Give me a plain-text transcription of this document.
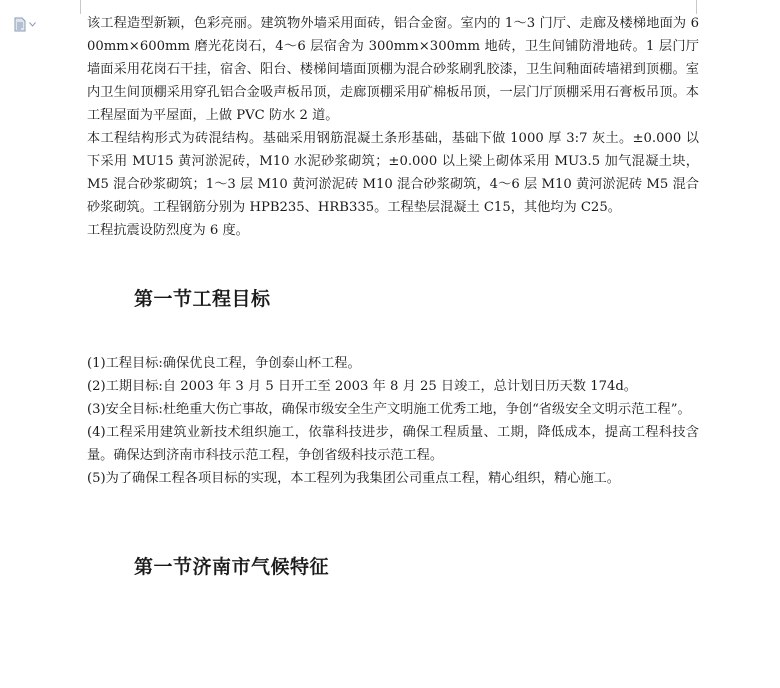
该工程造型新颖，色彩亮丽。建筑物外墙采用面砖，铝合金窗。室内的 1～3 门厅、走廊及楼梯地面为 600mm×600mm 磨光花岗石，4～6 层宿舍为 300mm×300mm 地砖，卫生间铺防滑地砖。1 层门厅墙面采用花岗石干挂，宿舍、阳台、楼梯间墙面顶棚为混合砂浆刷乳胶漆，卫生间釉面砖墙裙到顶棚。室内卫生间顶棚采用穿孔铝合金吸声板吊顶，走廊顶棚采用矿棉板吊顶，一层门厅顶棚采用石膏板吊顶。本工程屋面为平屋面，上做 PVC 防水 2 道。

本工程结构形式为砖混结构。基础采用钢筋混凝土条形基础，基础下做 1000 厚 3:7 灰土。±0.000 以下采用 MU15 黄河淤泥砖，M10 水泥砂浆砌筑；±0.000 以上梁上砌体采用 MU3.5 加气混凝土块，M5 混合砂浆砌筑；1～3 层 M10 黄河淤泥砖 M10 混合砂浆砌筑，4～6 层 M10 黄河淤泥砖 M5 混合砂浆砌筑。工程钢筋分别为 HPB235、HRB335。工程垫层混凝土 C15，其他均为 C25。

工程抗震设防烈度为 6 度。

第一节工程目标

(1)工程目标:确保优良工程，争创泰山杯工程。

(2)工期目标:自 2003 年 3 月 5 日开工至 2003 年 8 月 25 日竣工，总计划日历天数 174d。

(3)安全目标:杜绝重大伤亡事故，确保市级安全生产文明施工优秀工地，争创“省级安全文明示范工程”。

(4)工程采用建筑业新技术组织施工，依靠科技进步，确保工程质量、工期，降低成本，提高工程科技含量。确保达到济南市科技示范工程，争创省级科技示范工程。

(5)为了确保工程各项目标的实现，本工程列为我集团公司重点工程，精心组织，精心施工。

第一节济南市气候特征
